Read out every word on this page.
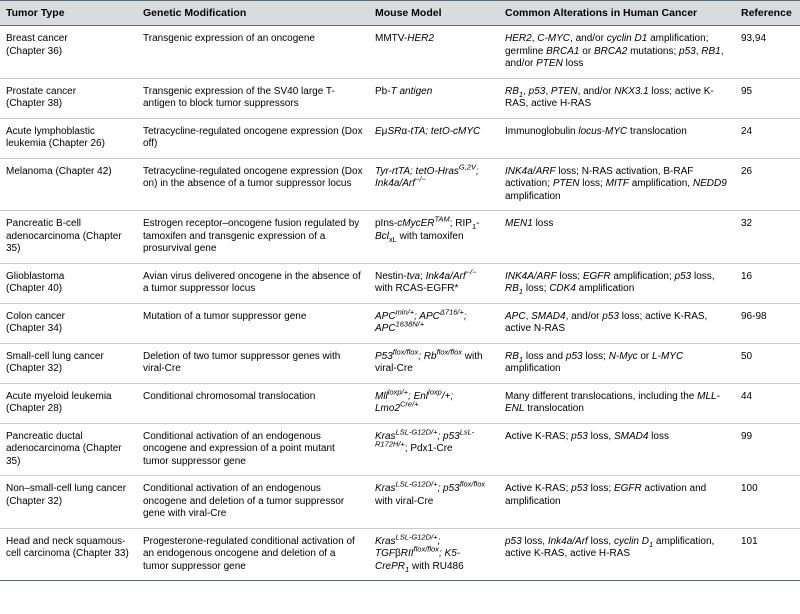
Tumor Type	Genetic Modification	Mouse Model	Common Alterations in Human Cancer	Reference
Breast cancer
(Chapter 36)	Transgenic expression of an oncogene	MMTV-HER2	HER2, C-MYC, and/or cyclin D1 amplification; germline BRCA1 or BRCA2 mutations; p53, RB1, and/or PTEN loss	93,94
Prostate cancer
(Chapter 38)	Transgenic expression of the SV40 large T-antigen to block tumor suppressors	Pb-T antigen	$RB_1$, p53, PTEN, and/or NKX3.1 loss; active K-RAS, active H-RAS	95
Acute lymphoblastic leukemia (Chapter 26)	Tetracycline-regulated oncogene expression (Dox off)	EμSRα-tTA; tetO-cMYC	Immunoglobulin locus-MYC translocation	24
Melanoma (Chapter 42)	Tetracycline-regulated oncogene expression (Dox on) in the absence of a tumor suppressor locus	Tyr-rtTA; tetO-Hras$^{G,2V}$; Ink4a/Arf−/−	INK4a/ARF loss; N-RAS activation, B-RAF activation; PTEN loss; MITF amplification, NEDD9 amplification	26
Pancreatic B-cell adenocarcinoma (Chapter 35)	Estrogen receptor–oncogene fusion regulated by tamoxifen and transgenic expression of a prosurvival gene	pIns-cMycER$^{TAM}$; $RIP_1-Bcl_{xL}$ with tamoxifen	MEN1 loss	32
Glioblastoma
(Chapter 40)	Avian virus delivered oncogene in the absence of a tumor suppressor locus	Nestin-tva; Ink4a/Arf−/− with RCAS-EGFR*	INK4A/ARF loss; EGFR amplification; p53 loss, $RB_1$ loss; CDK4 amplification	16
Colon cancer
(Chapter 34)	Mutation of a tumor suppressor gene	$APC^{min/+}$; $APC^{\Delta 716/+}$; $APC^{1638N/+}$	APC, SMAD4, and/or p53 loss; active K-RAS, active N-RAS	96-98
Small-cell lung cancer (Chapter 32)	Deletion of two tumor suppressor genes with viral-Cre	$P53^{flox/flox}$; $Rb^{flox/flox}$ with viral-Cre	$RB_1$ loss and p53 loss; N-Myc or L-MYC amplification	50
Acute myeloid leukemia (Chapter 28)	Conditional chromosomal translocation	Mll$^{loxp/+}$; Enl$^{loxp}$/+; $Lmo2^{Cre/+}$	Many different translocations, including the MLL-ENL translocation	44
Pancreatic ductal adenocarcinoma (Chapter 35)	Conditional activation of an endogenous oncogene and expression of a point mutant tumor suppressor gene	Kras$^{LSL-G12D/+}$; $p53^{LsL-R172H/+}$; Pdx1-Cre	Active K-RAS; p53 loss, SMAD4 loss	99
Non–small-cell lung cancer (Chapter 32)	Conditional activation of an endogenous oncogene and deletion of a tumor suppressor gene with viral-Cre	Kras$^{LSL-G12D/+}$; $p53^{flox/flox}$ with viral-Cre	Active K-RAS; p53 loss; EGFR activation and amplification	100
Head and neck squamous-cell carcinoma (Chapter 33)	Progesterone-regulated conditional activation of an endogenous oncogene and deletion of a tumor suppressor gene	Kras$^{LSL-G12D/+}$; TGFβRII$^{flox/flox}$; K5-CrePR$_1$ with RU486	p53 loss, Ink4a/Arf loss, cyclin $D_1$ amplification, active K-RAS, active H-RAS	101
